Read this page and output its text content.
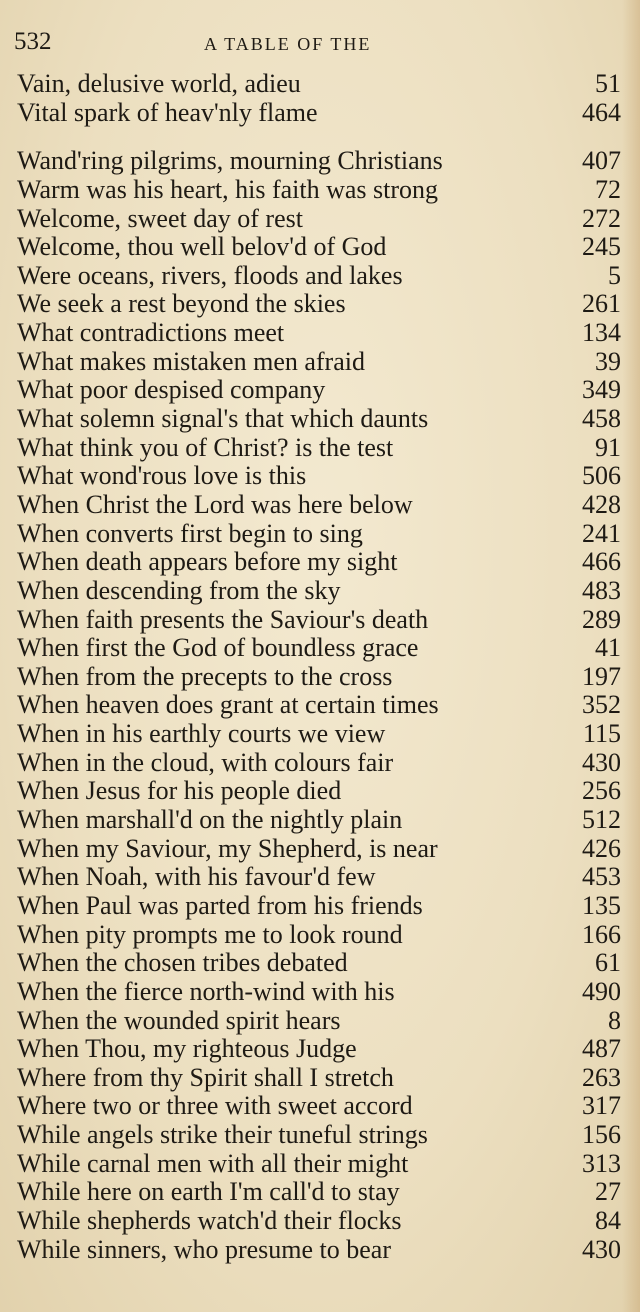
532	A TABLE OF THE
Vain, delusive world, adieu	51
Vital spark of heav'nly flame	464
Wand'ring pilgrims, mourning Christians	407
Warm was his heart, his faith was strong	72
Welcome, sweet day of rest	272
Welcome, thou well belov'd of God	245
Were oceans, rivers, floods and lakes	5
We seek a rest beyond the skies	261
What contradictions meet	134
What makes mistaken men afraid	39
What poor despised company	349
What solemn signal's that which daunts	458
What think you of Christ? is the test	91
What wond'rous love is this	506
When Christ the Lord was here below	428
When converts first begin to sing	241
When death appears before my sight	466
When descending from the sky	483
When faith presents the Saviour's death	289
When first the God of boundless grace	41
When from the precepts to the cross	197
When heaven does grant at certain times	352
When in his earthly courts we view	115
When in the cloud, with colours fair	430
When Jesus for his people died	256
When marshall'd on the nightly plain	512
When my Saviour, my Shepherd, is near	426
When Noah, with his favour'd few	453
When Paul was parted from his friends	135
When pity prompts me to look round	166
When the chosen tribes debated	61
When the fierce north-wind with his	490
When the wounded spirit hears	8
When Thou, my righteous Judge	487
Where from thy Spirit shall I stretch	263
Where two or three with sweet accord	317
While angels strike their tuneful strings	156
While carnal men with all their might	313
While here on earth I'm call'd to stay	27
While shepherds watch'd their flocks	84
While sinners, who presume to bear	430
